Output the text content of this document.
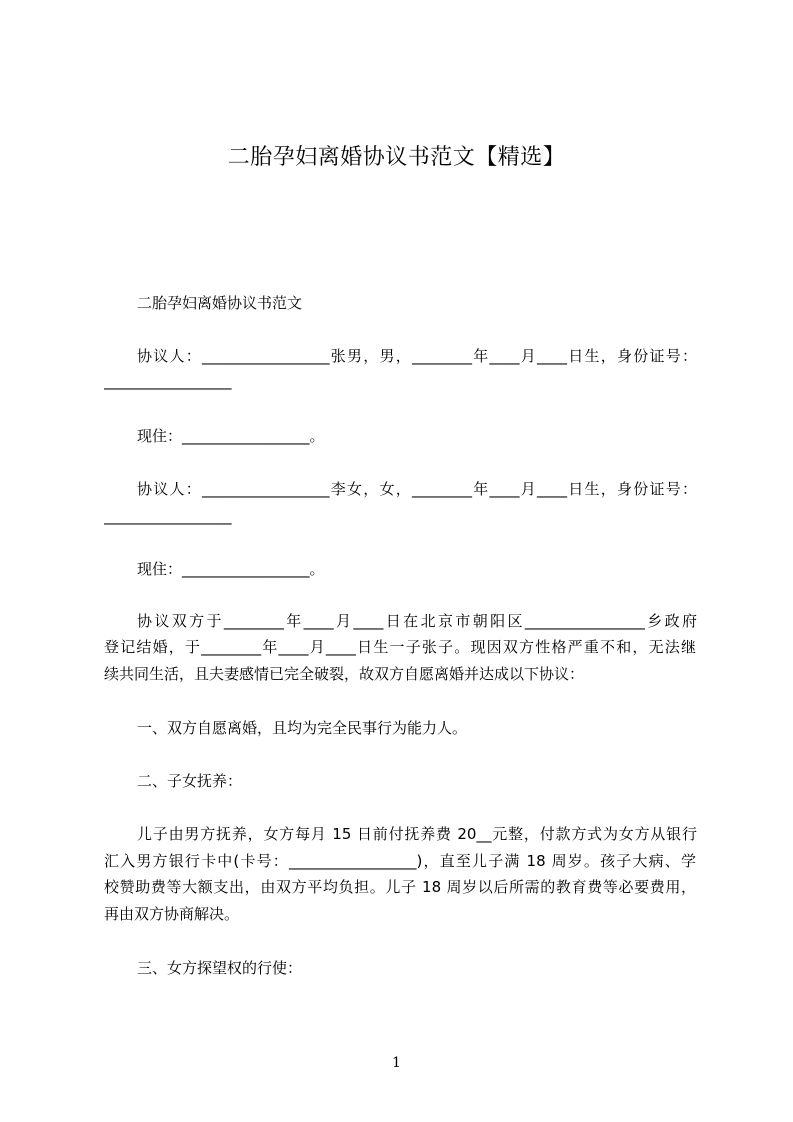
二胎孕妇离婚协议书范文【精选】
二胎孕妇离婚协议书范文
协议人：_________________张男，男，________年____月____日生，身份证号：
_________________
现住：_________________。
协议人：_________________李女，女，________年____月____日生，身份证号：
_________________
现住：_________________。
协议双方于________年____月____日在北京市朝阳区________________乡政府
登记结婚，于________年____月____日生一子张子。现因双方性格严重不和，无法继
续共同生活，且夫妻感情已完全破裂，故双方自愿离婚并达成以下协议：
一、双方自愿离婚，且均为完全民事行为能力人。
二、子女抚养：
儿子由男方抚养，女方每月 15 日前付抚养费 20__元整，付款方式为女方从银行
汇入男方银行卡中(卡号：_________________)，直至儿子满 18 周岁。孩子大病、学
校赞助费等大额支出，由双方平均负担。儿子 18 周岁以后所需的教育费等必要费用，
再由双方协商解决。
三、女方探望权的行使：
1
